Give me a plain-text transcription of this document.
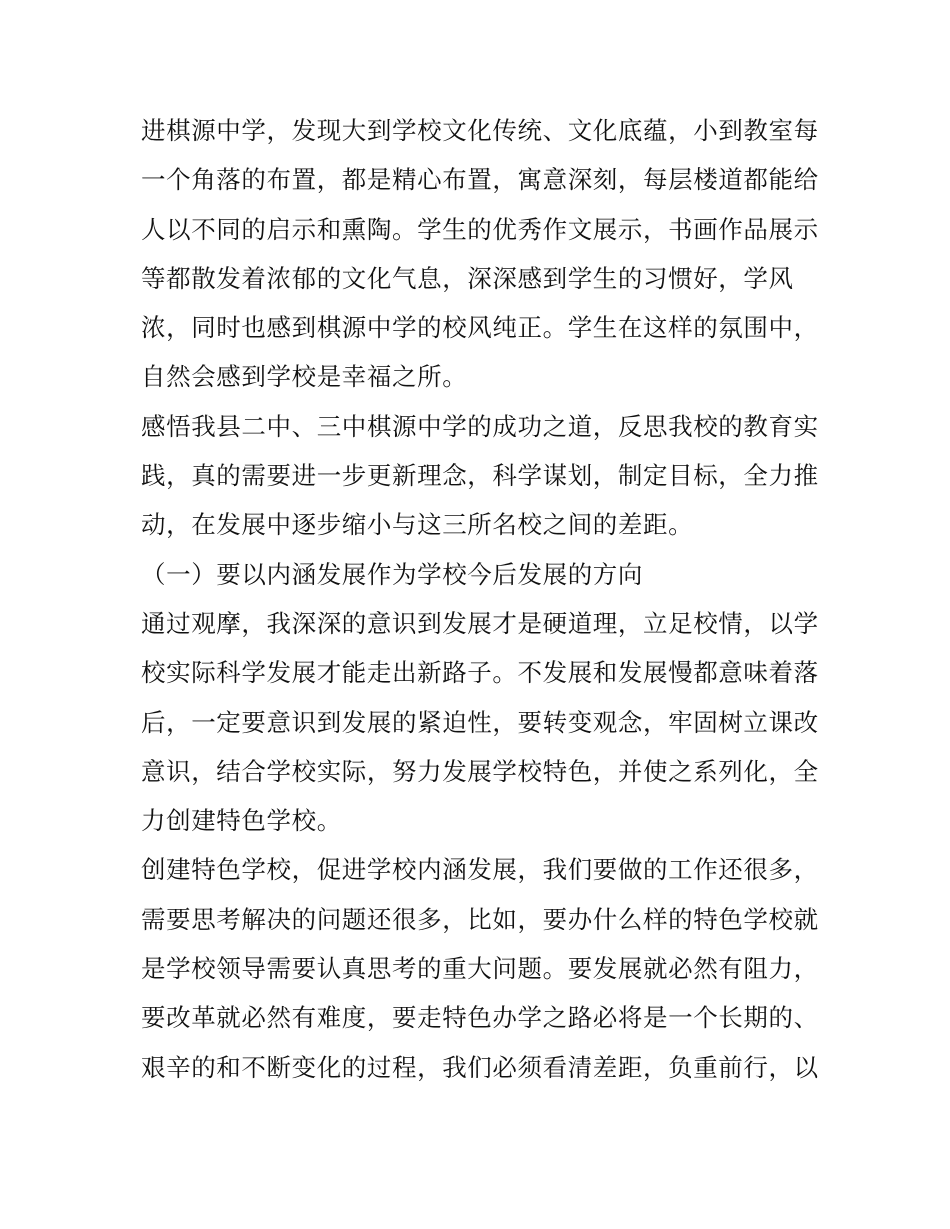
进棋源中学，发现大到学校文化传统、文化底蕴，小到教室每
一个角落的布置，都是精心布置，寓意深刻，每层楼道都能给
人以不同的启示和熏陶。学生的优秀作文展示，书画作品展示
等都散发着浓郁的文化气息，深深感到学生的习惯好，学风
浓，同时也感到棋源中学的校风纯正。学生在这样的氛围中，
自然会感到学校是幸福之所。
感悟我县二中、三中棋源中学的成功之道，反思我校的教育实
践，真的需要进一步更新理念，科学谋划，制定目标，全力推
动，在发展中逐步缩小与这三所名校之间的差距。
（一）要以内涵发展作为学校今后发展的方向
通过观摩，我深深的意识到发展才是硬道理，立足校情，以学
校实际科学发展才能走出新路子。不发展和发展慢都意味着落
后，一定要意识到发展的紧迫性，要转变观念，牢固树立课改
意识，结合学校实际，努力发展学校特色，并使之系列化，全
力创建特色学校。
创建特色学校，促进学校内涵发展，我们要做的工作还很多，
需要思考解决的问题还很多，比如，要办什么样的特色学校就
是学校领导需要认真思考的重大问题。要发展就必然有阻力，
要改革就必然有难度，要走特色办学之路必将是一个长期的、
艰辛的和不断变化的过程，我们必须看清差距，负重前行，以
